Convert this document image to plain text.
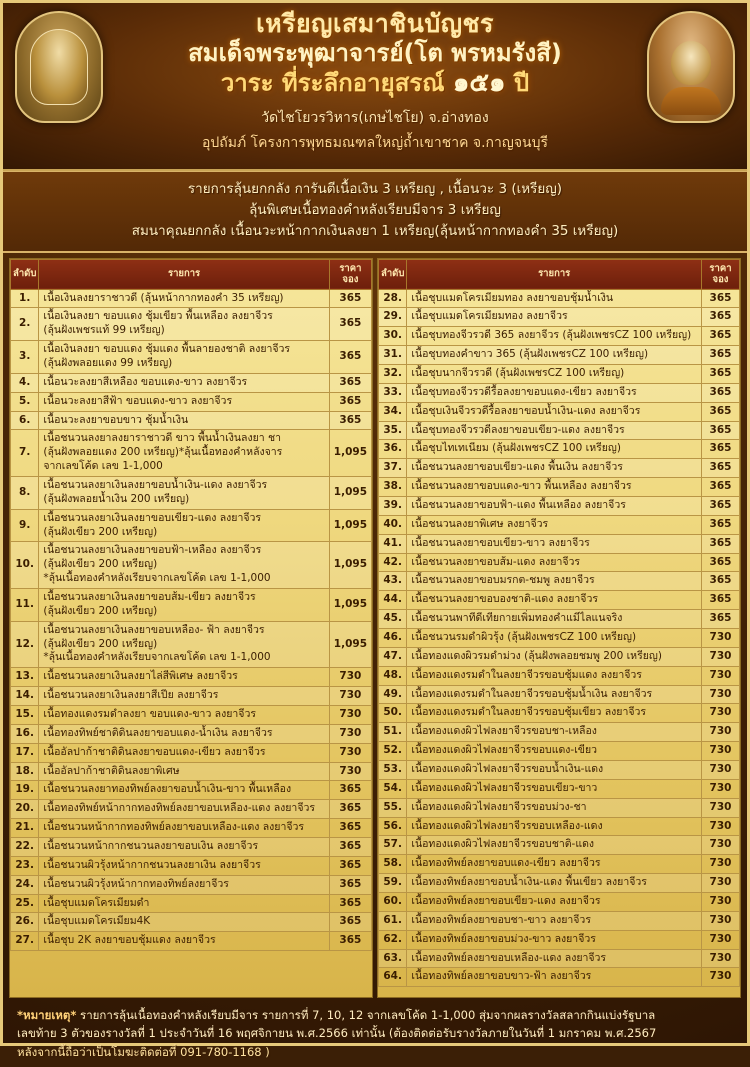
เหรียญเสมาชินบัญชร
สมเด็จพระพุฒาจารย์(โต พรหมรังสี)
วาระ ที่ระลึกอายุสรณ์ ๑๕๑ ปี
วัดไชโยวรวิหาร(เกษไชโย) จ.อ่างทอง
อุปถัมภ์ โครงการพุทธมณฑลใหญ่ถ้ำเขาชาค จ.กาญจนบุรี
รายการลุ้นยกกลัง การันตีเนื้อเงิน 3 เหรียญ , เนื้อนวะ 3 (เหรียญ)
ลุ้นพิเศษเนื้อทองคำหลังเรียบมีจาร 3 เหรียญ
สมนาคุณยกกลัง เนื้อนวะหน้ากากเงินลงยา 1 เหรียญ(ลุ้นหน้ากากทองคำ 35 เหรียญ)
ลำดับ	รายการ	ราคาจอง
1.	เนื้อเงินลงยาราชาวดี (ลุ้นหน้ากากทองคำ 35 เหรียญ)	365
2.	เนื้อเงินลงยา ขอบแดง ชุ้มเขียว พื้นเหลือง ลงยาจีวร
(ลุ้นฝังเพชรแท้ 99 เหรียญ)	365
3.	เนื้อเงินลงยา ขอบแดง ชุ้มแดง พื้นลายองชาติ ลงยาจีวร
(ลุ้นฝังพลอยแดง 99 เหรียญ)	365
4.	เนื้อนวะลงยาสีเหลือง ขอบแดง-ขาว ลงยาจีวร	365
5.	เนื้อนวะลงยาสีฟ้า ขอบแดง-ขาว ลงยาจีวร	365
6.	เนื้อนวะลงยาขอบขาว ชุ้มน้ำเงิน	365
7.	เนื้อชนวนลงยาลงยาราชาวดี ขาว พื้นน้ำเงินลงยา ชา
(ลุ้นฝังพลอยแดง 200 เหรียญ)*ลุ้นเนื้อทองคำหลังจาร
จากเลขโค้ด เลข 1-1,000	1,095
8.	เนื้อชนวนลงยาเงินลงยาขอบน้ำเงิน-แดง ลงยาจีวร
(ลุ้นฝังพลอยน้ำเงิน 200 เหรียญ)	1,095
9.	เนื้อชนวนลงยาเงินลงยาขอบเขียว-แดง ลงยาจีวร
(ลุ้นฝังเขียว 200 เหรียญ)	1,095
10.	เนื้อชนวนลงยาเงินลงยาขอบฟ้า-เหลือง ลงยาจีวร
(ลุ้นฝังเขียว 200 เหรียญ)
*ลุ้นเนื้อทองคำหลังเรียบจากเลขโค้ด เลข 1-1,000	1,095
11.	เนื้อชนวนลงยาเงินลงยาขอบส้ม-เขียว ลงยาจีวร
(ลุ้นฝังเขียว 200 เหรียญ)	1,095
12.	เนื้อชนวนลงยาเงินลงยาขอบเหลือง- ฟ้า ลงยาจีวร
(ลุ้นฝังเขียว 200 เหรียญ)
*ลุ้นเนื้อทองคำหลังเรียบจากเลขโค้ด เลข 1-1,000	1,095
13.	เนื้อชนวนลงยาเงินลงยาไล่สีพิเศษ ลงยาจีวร	730
14.	เนื้อชนวนลงยาเงินลงยาสีเปีย ลงยาจีวร	730
15.	เนื้อทองแดงรมดำลงยา ขอบแดง-ขาว ลงยาจีวร	730
16.	เนื้อทองทิพย์ชาติดินลงยาขอบแดง-น้ำเงิน ลงยาจีวร	730
17.	เนื้ออัลปาก้าชาติดินลงยาขอบแดง-เขียว ลงยาจีวร	730
18.	เนื้ออัลปาก้าชาติดินลงยาพิเศษ	730
19.	เนื้อชนวนลงยาทองทิพย์ลงยาขอบน้ำเงิน-ขาว พื้นเหลือง	365
20.	เนื้อทองทิพย์หน้ากากทองทิพย์ลงยาขอบเหลือง-แดง ลงยาจีวร	365
21.	เนื้อชนวนหน้ากากทองทิพย์ลงยาขอบเหลือง-แดง ลงยาจีวร	365
22.	เนื้อชนวนหน้ากากชนวนลงยาขอบเงิน ลงยาจีวร	365
23.	เนื้อชนวนผิวรุ้งหน้ากากชนวนลงยาเงิน ลงยาจีวร	365
24.	เนื้อชนวนผิวรุ้งหน้ากากทองทิพย์ลงยาจีวร	365
25.	เนื้อชุบแมดโครเมียมดำ	365
26.	เนื้อชุบแมดโครเมียม4K	365
27.	เนื้อชุบ 2K ลงยาขอบชุ้มแดง ลงยาจีวร	365
ลำดับ	รายการ	ราคาจอง
28.	เนื้อชุบแมดโครเมียมทอง ลงยาขอบชุ้มน้ำเงิน	365
29.	เนื้อชุบแมดโครเมียมทอง ลงยาจีวร	365
30.	เนื้อชุบทองจีวรวดี 365 ลงยาจีวร (ลุ้นฝังเพชรCZ 100 เหรียญ)	365
31.	เนื้อชุบทองคำขาว 365 (ลุ้นฝังเพชรCZ 100 เหรียญ)	365
32.	เนื้อชุบนากจีวรวดี (ลุ้นฝังเพชรCZ 100 เหรียญ)	365
33.	เนื้อชุบทองจีวรวดีรื้อลงยาขอบแดง-เขียว ลงยาจีวร	365
34.	เนื้อชุบเงินจีวรวดีรื้อลงยาขอบน้ำเงิน-แดง ลงยาจีวร	365
35.	เนื้อชุบทองจีวรวดีลงยาขอบเขียว-แดง ลงยาจีวร	365
36.	เนื้อชุบไทเทเนียม (ลุ้นฝังเพชรCZ 100 เหรียญ)	365
37.	เนื้อชนวนลงยาขอบเขียว-แดง พื้นเงิน ลงยาจีวร	365
38.	เนื้อชนวนลงยาขอบแดง-ขาว พื้นเหลือง ลงยาจีวร	365
39.	เนื้อชนวนลงยาขอบฟ้า-แดง พื้นเหลือง ลงยาจีวร	365
40.	เนื้อชนวนลงยาพิเศษ ลงยาจีวร	365
41.	เนื้อชนวนลงยาขอบเขียว-ขาว ลงยาจีวร	365
42.	เนื้อชนวนลงยาขอบส้ม-แดง ลงยาจีวร	365
43.	เนื้อชนวนลงยาขอบมรกต-ชมพู ลงยาจีวร	365
44.	เนื้อชนวนลงยาขอบองชาติ-แดง ลงยาจีวร	365
45.	เนื้อชนวนพาทีดีเทียกายเพิ่มทองคำแมีไลแนจริง	365
46.	เนื้อชนวนรมดำผิวรุ้ง (ลุ้นฝังเพชรCZ 100 เหรียญ)	730
47.	เนื้อทองแดงผิวรมดำม่วง (ลุ้นฝังพลอยชมพู 200 เหรียญ)	730
48.	เนื้อทองแดงรมดำในลงยาจีวรขอบชุ้มแดง ลงยาจีวร	730
49.	เนื้อทองแดงรมดำในลงยาจีวรขอบชุ้มน้ำเงิน ลงยาจีวร	730
50.	เนื้อทองแดงรมดำในลงยาจีวรขอบชุ้มเขียว ลงยาจีวร	730
51.	เนื้อทองแดงผิวไฟลงยาจีวรขอบชา-เหลือง	730
52.	เนื้อทองแดงผิวไฟลงยาจีวรขอบแดง-เขียว	730
53.	เนื้อทองแดงผิวไฟลงยาจีวรขอบน้ำเงิน-แดง	730
54.	เนื้อทองแดงผิวไฟลงยาจีวรขอบเขียว-ขาว	730
55.	เนื้อทองแดงผิวไฟลงยาจีวรขอบม่วง-ชา	730
56.	เนื้อทองแดงผิวไฟลงยาจีวรขอบเหลือง-แดง	730
57.	เนื้อทองแดงผิวไฟลงยาจีวรขอบชาติ-แดง	730
58.	เนื้อทองทิพย์ลงยาขอบแดง-เขียว ลงยาจีวร	730
59.	เนื้อทองทิพย์ลงยาขอบน้ำเงิน-แดง พื้นเขียว ลงยาจีวร	730
60.	เนื้อทองทิพย์ลงยาขอบเขียว-แดง ลงยาจีวร	730
61.	เนื้อทองทิพย์ลงยาขอบชา-ขาว ลงยาจีวร	730
62.	เนื้อทองทิพย์ลงยาขอบม่วง-ขาว ลงยาจีวร	730
63.	เนื้อทองทิพย์ลงยาขอบเหลือง-แดง ลงยาจีวร	730
64.	เนื้อทองทิพย์ลงยาขอบขาว-ฟ้า ลงยาจีวร	730
*หมายเหตุ* รายการลุ้นเนื้อทองคำหลังเรียบมีจาร รายการที่ 7, 10, 12 จากเลขโค้ด 1-1,000 สุ่มจากผลรางวัลสลากกินแบ่งรัฐบาล
เลขท้าย 3 ตัวของรางวัลที่ 1 ประจำวันที่ 16 พฤศจิกายน พ.ศ.2566 เท่านั้น (ต้องติดต่อรับรางวัลภายในวันที่ 1 มกราคม พ.ศ.2567
หลังจากนี้ถือว่าเป็นโมฆะติดต่อที่ 091-780-1168 )
